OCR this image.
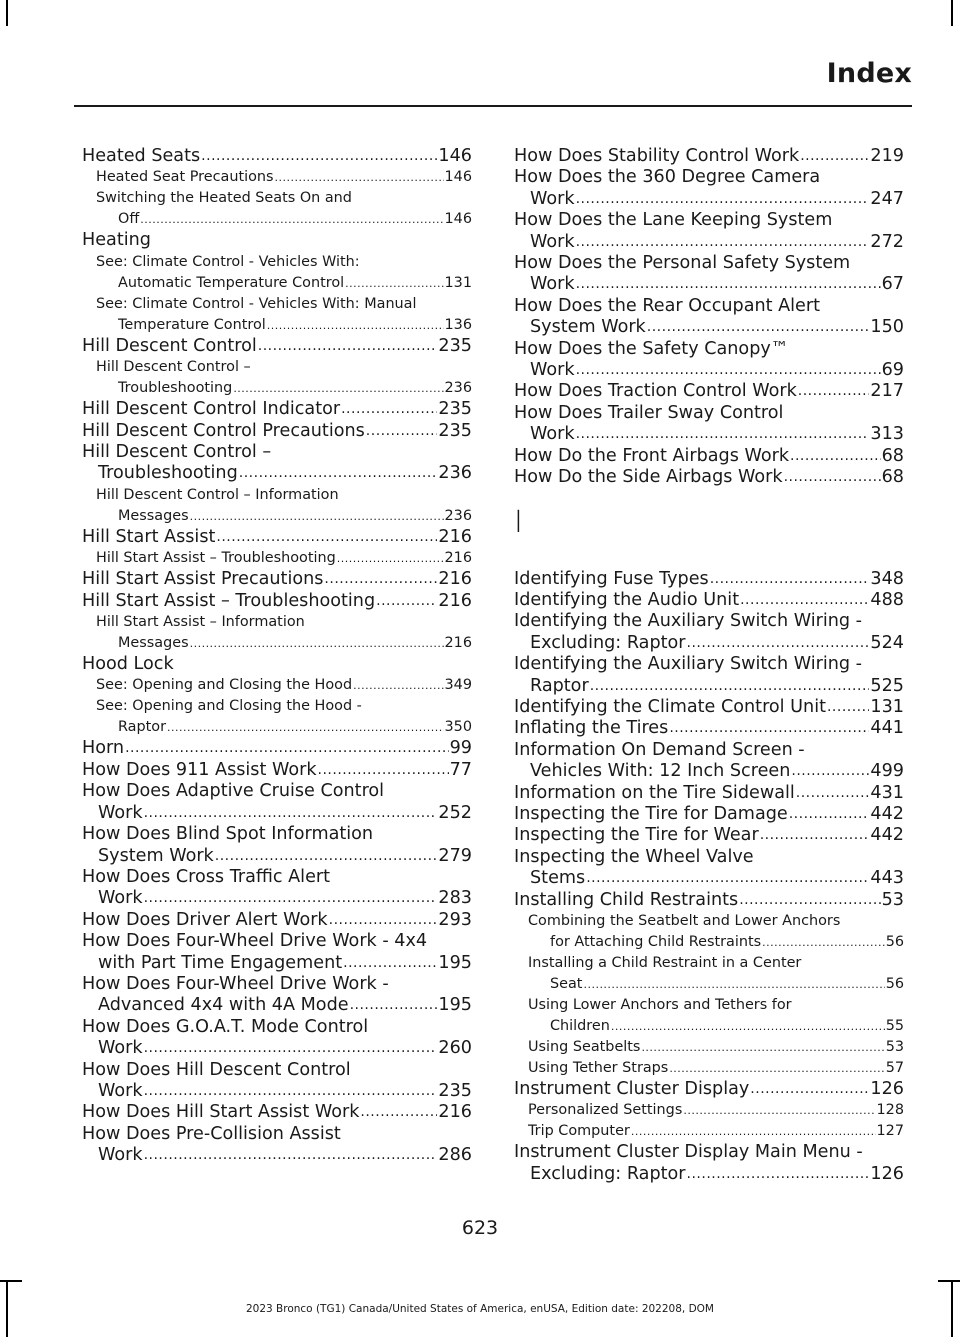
Index
Heated Seats .....	146
Heated Seat Precautions .....	146
Switching the Heated Seats On and
Off .....	146
Heating
See: Climate Control - Vehicles With:
Automatic Temperature Control .....	131
See: Climate Control - Vehicles With: Manual
Temperature Control .....	136
Hill Descent Control .....	235
Hill Descent Control –
Troubleshooting .....	236
Hill Descent Control Indicator .....	235
Hill Descent Control Precautions .....	235
Hill Descent Control –
Troubleshooting .....	236
Hill Descent Control – Information
Messages .....	236
Hill Start Assist .....	216
Hill Start Assist – Troubleshooting .....	216
Hill Start Assist Precautions .....	216
Hill Start Assist – Troubleshooting .....	216
Hill Start Assist – Information
Messages .....	216
Hood Lock
See: Opening and Closing the Hood .....	349
See: Opening and Closing the Hood -
Raptor .....	350
Horn .....	99
How Does 911 Assist Work .....	77
How Does Adaptive Cruise Control
Work .....	252
How Does Blind Spot Information
System Work .....	279
How Does Cross Traffic Alert
Work .....	283
How Does Driver Alert Work .....	293
How Does Four-Wheel Drive Work - 4x4
with Part Time Engagement .....	195
How Does Four-Wheel Drive Work -
Advanced 4x4 with 4A Mode .....	195
How Does G.O.A.T. Mode Control
Work .....	260
How Does Hill Descent Control
Work .....	235
How Does Hill Start Assist Work .....	216
How Does Pre-Collision Assist
Work .....	286
How Does Stability Control Work .....	219
How Does the 360 Degree Camera
Work .....	247
How Does the Lane Keeping System
Work .....	272
How Does the Personal Safety System
Work .....	67
How Does the Rear Occupant Alert
System Work .....	150
How Does the Safety Canopy™
Work .....	69
How Does Traction Control Work .....	217
How Does Trailer Sway Control
Work .....	313
How Do the Front Airbags Work .....	68
How Do the Side Airbags Work .....	68
I
Identifying Fuse Types .....	348
Identifying the Audio Unit .....	488
Identifying the Auxiliary Switch Wiring -
Excluding: Raptor .....	524
Identifying the Auxiliary Switch Wiring -
Raptor .....	525
Identifying the Climate Control Unit .....	131
Inflating the Tires .....	441
Information On Demand Screen -
Vehicles With: 12 Inch Screen .....	499
Information on the Tire Sidewall .....	431
Inspecting the Tire for Damage .....	442
Inspecting the Tire for Wear .....	442
Inspecting the Wheel Valve
Stems .....	443
Installing Child Restraints .....	53
Combining the Seatbelt and Lower Anchors
for Attaching Child Restraints .....	56
Installing a Child Restraint in a Center
Seat .....	56
Using Lower Anchors and Tethers for
Children .....	55
Using Seatbelts .....	53
Using Tether Straps .....	57
Instrument Cluster Display .....	126
Personalized Settings .....	128
Trip Computer .....	127
Instrument Cluster Display Main Menu -
Excluding: Raptor .....	126
623
2023 Bronco (TG1) Canada/United States of America, enUSA, Edition date: 202208, DOM
